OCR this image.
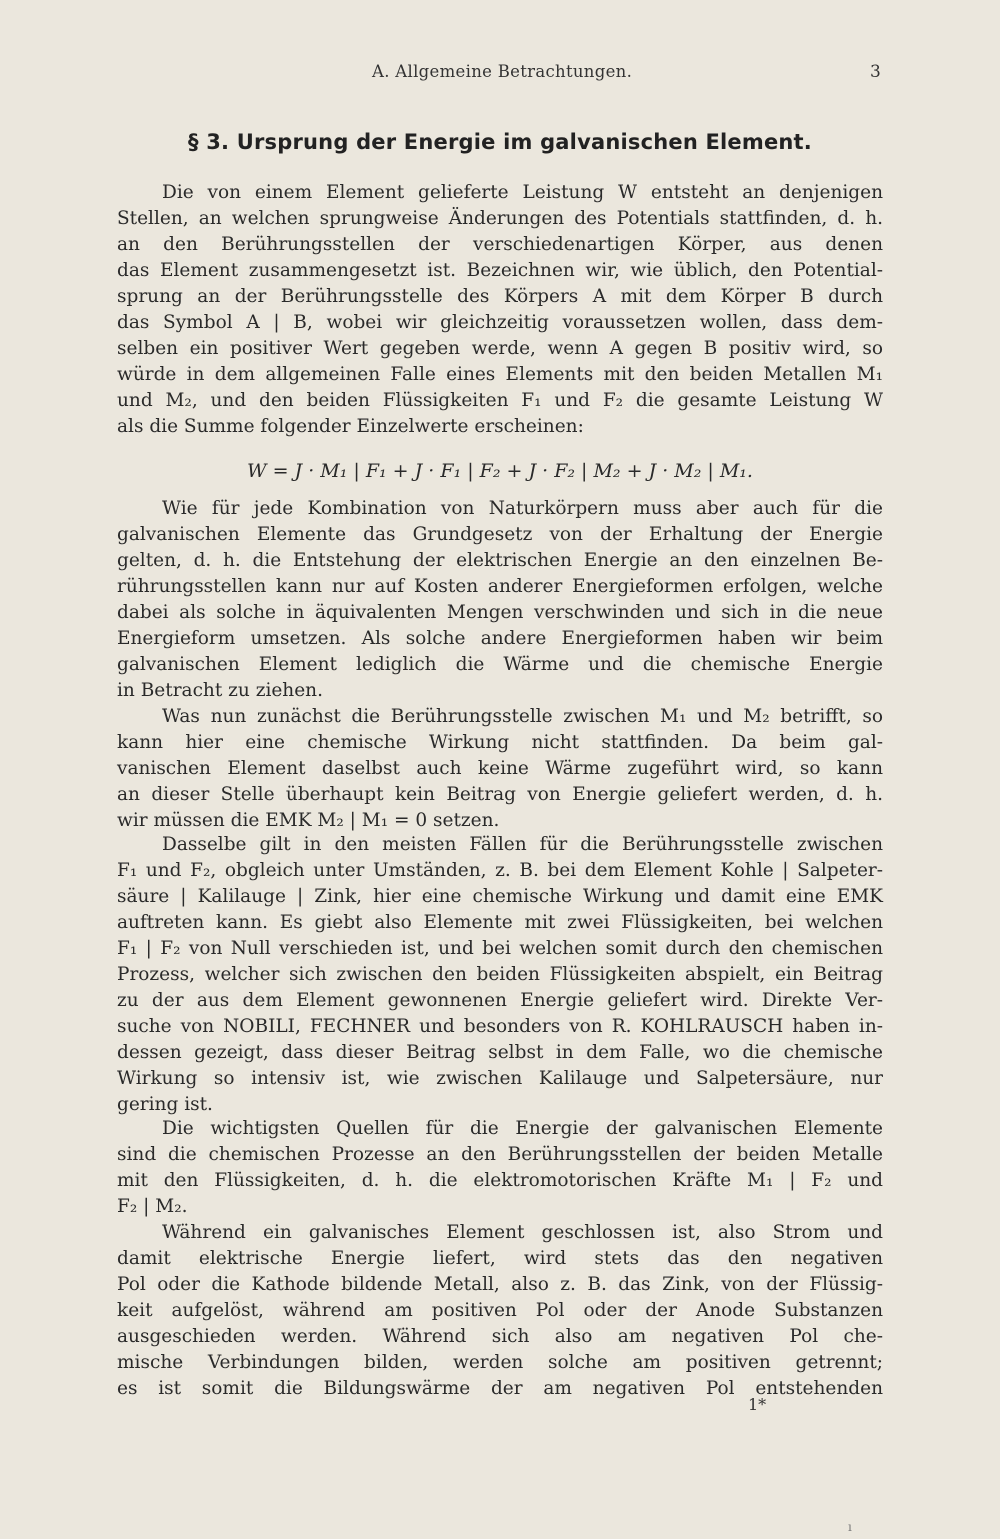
A. Allgemeine Betrachtungen.	3
§ 3. Ursprung der Energie im galvanischen Element.
Die von einem Element gelieferte Leistung W entsteht an denjenigen
Stellen, an welchen sprungweise Änderungen des Potentials stattfinden, d. h.
an den Berührungsstellen der verschiedenartigen Körper, aus denen
das Element zusammengesetzt ist. Bezeichnen wir, wie üblich, den Potential-
sprung an der Berührungsstelle des Körpers A mit dem Körper B durch
das Symbol A | B, wobei wir gleichzeitig voraussetzen wollen, dass dem-
selben ein positiver Wert gegeben werde, wenn A gegen B positiv wird, so
würde in dem allgemeinen Falle eines Elements mit den beiden Metallen M₁
und M₂, und den beiden Flüssigkeiten F₁ und F₂ die gesamte Leistung W
als die Summe folgender Einzelwerte erscheinen:
W = J · M₁ | F₁ + J · F₁ | F₂ + J · F₂ | M₂ + J · M₂ | M₁.
Wie für jede Kombination von Naturkörpern muss aber auch für die
galvanischen Elemente das Grundgesetz von der Erhaltung der Energie
gelten, d. h. die Entstehung der elektrischen Energie an den einzelnen Be-
rührungsstellen kann nur auf Kosten anderer Energieformen erfolgen, welche
dabei als solche in äquivalenten Mengen verschwinden und sich in die neue
Energieform umsetzen. Als solche andere Energieformen haben wir beim
galvanischen Element lediglich die Wärme und die chemische Energie
in Betracht zu ziehen.
Was nun zunächst die Berührungsstelle zwischen M₁ und M₂ betrifft, so
kann hier eine chemische Wirkung nicht stattfinden. Da beim gal-
vanischen Element daselbst auch keine Wärme zugeführt wird, so kann
an dieser Stelle überhaupt kein Beitrag von Energie geliefert werden, d. h.
wir müssen die EMK M₂ | M₁ = 0 setzen.
Dasselbe gilt in den meisten Fällen für die Berührungsstelle zwischen
F₁ und F₂, obgleich unter Umständen, z. B. bei dem Element Kohle | Salpeter-
säure | Kalilauge | Zink, hier eine chemische Wirkung und damit eine EMK
auftreten kann. Es giebt also Elemente mit zwei Flüssigkeiten, bei welchen
F₁ | F₂ von Null verschieden ist, und bei welchen somit durch den chemischen
Prozess, welcher sich zwischen den beiden Flüssigkeiten abspielt, ein Beitrag
zu der aus dem Element gewonnenen Energie geliefert wird. Direkte Ver-
suche von NOBILI, FECHNER und besonders von R. KOHLRAUSCH haben in-
dessen gezeigt, dass dieser Beitrag selbst in dem Falle, wo die chemische
Wirkung so intensiv ist, wie zwischen Kalilauge und Salpetersäure, nur
gering ist.
Die wichtigsten Quellen für die Energie der galvanischen Elemente
sind die chemischen Prozesse an den Berührungsstellen der beiden Metalle
mit den Flüssigkeiten, d. h. die elektromotorischen Kräfte M₁ | F₂ und
F₂ | M₂.
Während ein galvanisches Element geschlossen ist, also Strom und
damit elektrische Energie liefert, wird stets das den negativen
Pol oder die Kathode bildende Metall, also z. B. das Zink, von der Flüssig-
keit aufgelöst, während am positiven Pol oder der Anode Substanzen
ausgeschieden werden. Während sich also am negativen Pol che-
mische Verbindungen bilden, werden solche am positiven getrennt;
es ist somit die Bildungswärme der am negativen Pol entstehenden
1*
ı
